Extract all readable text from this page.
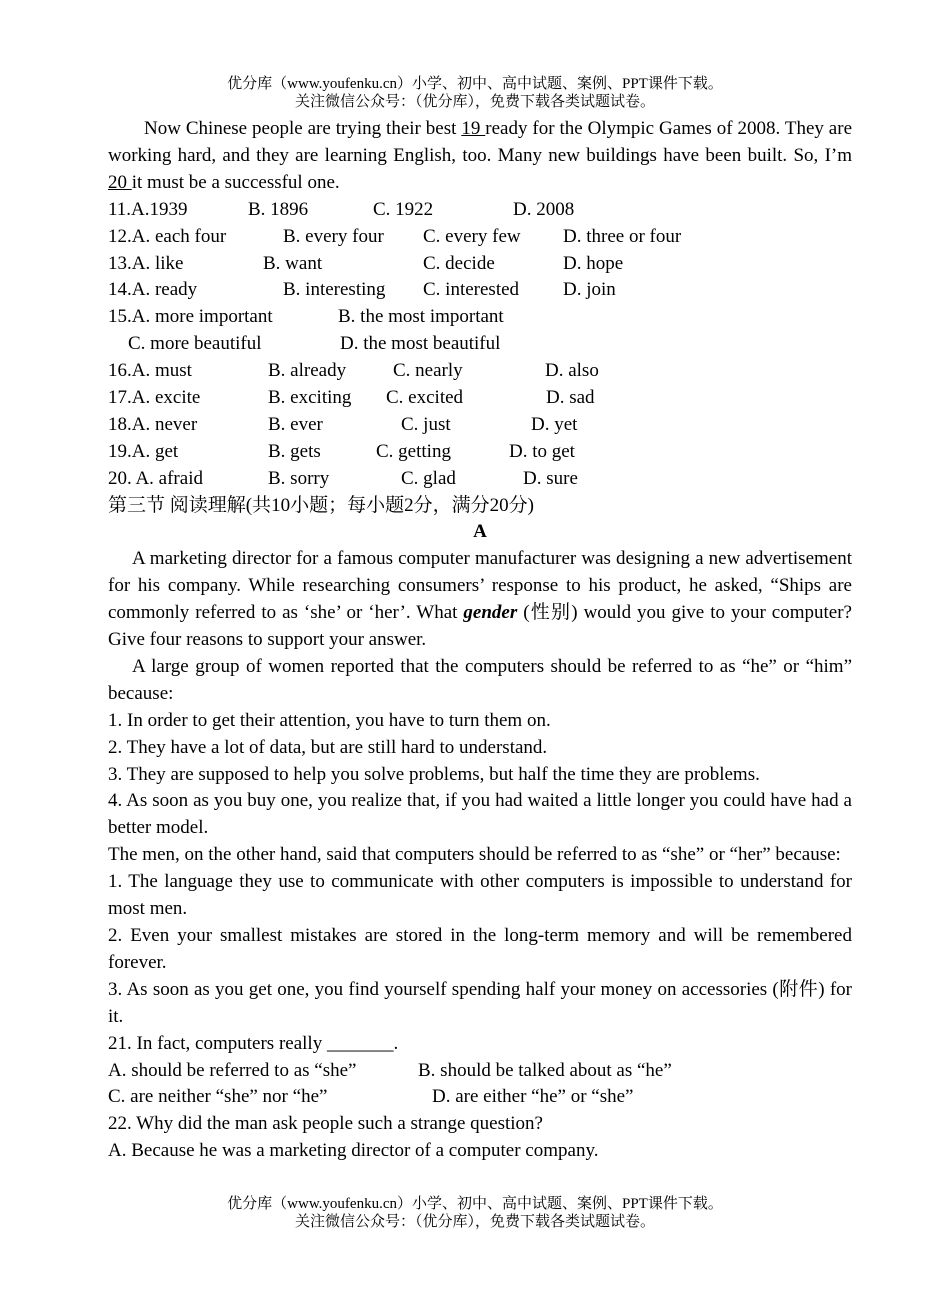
优分库（www.youfenku.cn）小学、初中、高中试题、案例、PPT课件下载。
关注微信公众号：（优分库），免费下载各类试题试卷。

Now Chinese people are trying their best 19 ready for the Olympic Games of 2008. They are working hard, and they are learning English, too. Many new buildings have been built. So, I’m 20 it must be a successful one.

11.A.1939	B. 1896	C. 1922	D. 2008
12.A. each four	B. every four C. every few D. three or four
13.A. like	B. want	C. decide	D. hope
14.A. ready	B. interesting C. interested D. join
15.A. more important	B. the most important
C. more beautiful	D. the most beautiful
16.A. must	B. already C. nearly	D. also
17.A. excite	B. exciting C. excited	D. sad
18.A. never	B. ever	C. just	D. yet
19.A. get	B. gets	C. getting	D. to get
20. A. afraid	B. sorry	C. glad	D. sure
第三节 阅读理解(共10小题；每小题2分，满分20分)
A

A marketing director for a famous computer manufacturer was designing a new advertisement for his company. While researching consumers’ response to his product, he asked, “Ships are commonly referred to as ‘she’ or ‘her’. What gender (性别) would you give to your computer? Give four reasons to support your answer.

A large group of women reported that the computers should be referred to as “he” or “him” because:

1. In order to get their attention, you have to turn them on.

2. They have a lot of data, but are still hard to understand.

3. They are supposed to help you solve problems, but half the time they are problems.

4. As soon as you buy one, you realize that, if you had waited a little longer you could have had a better model.

The men, on the other hand, said that computers should be referred to as “she” or “her” because:

1. The language they use to communicate with other computers is impossible to understand for most men.

2. Even your smallest mistakes are stored in the long-term memory and will be remembered forever.

3. As soon as you get one, you find yourself spending half your money on accessories (附件) for it.

21. In fact, computers really _______.

A. should be referred to as “she”	B. should be talked about as “he”
C. are neither “she” nor “he”	D. are either “he” or “she”

22. Why did the man ask people such a strange question?

A. Because he was a marketing director of a computer company.

优分库（www.youfenku.cn）小学、初中、高中试题、案例、PPT课件下载。
关注微信公众号：（优分库），免费下载各类试题试卷。
